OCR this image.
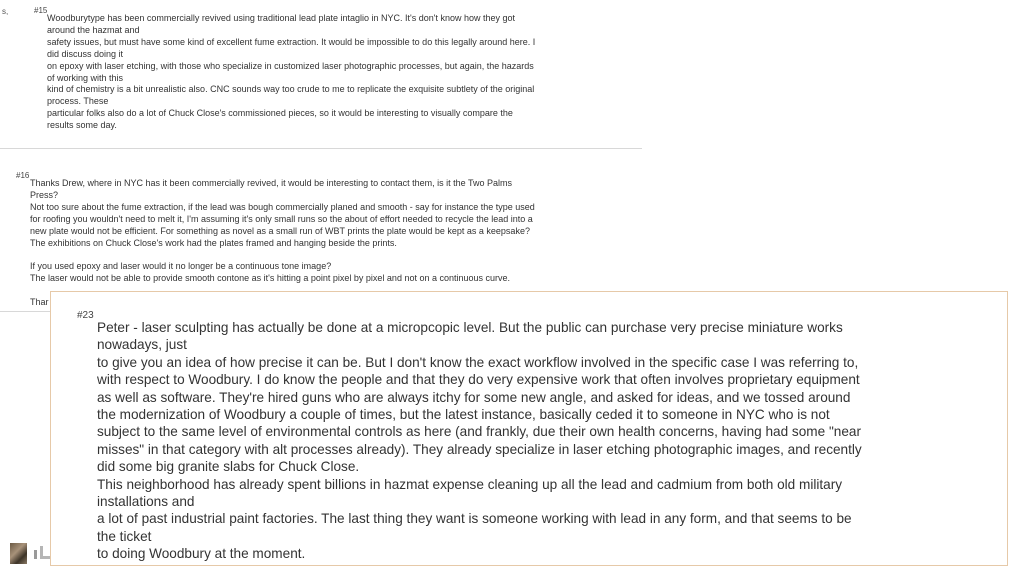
s,	#15
Woodburytype has been commercially revived using traditional lead plate intaglio in NYC. It's don't know how they got
around the hazmat and
safety issues, but must have some kind of excellent fume extraction. It would be impossible to do this legally around here. I
did discuss doing it
on epoxy with laser etching, with those who specialize in customized laser photographic processes, but again, the hazards
of working with this
kind of chemistry is a bit unrealistic also. CNC sounds way too crude to me to replicate the exquisite subtlety of the original
process. These
particular folks also do a lot of Chuck Close's commissioned pieces, so it would be interesting to visually compare the
results some day.
#16
Thanks Drew, where in NYC has it been commercially revived, it would be interesting to contact them, is it the Two Palms
Press?
Not too sure about the fume extraction, if the lead was bough commercially planed and smooth - say for instance the type used
for roofing you wouldn't need to melt it, I'm assuming it's only small runs so the about of effort needed to recycle the lead into a
new plate would not be efficient. For something as novel as a small run of WBT prints the plate would be kept as a keepsake?
The exhibitions on Chuck Close's work had the plates framed and hanging beside the prints.
If you used epoxy and laser would it no longer be a continuous tone image?
The laser would not be able to provide smooth contone as it's hitting a point pixel by pixel and not on a continuous curve.
Thar
#23
Peter - laser sculpting has actually be done at a micropcopic level. But the public can purchase very precise miniature works
nowadays, just
to give you an idea of how precise it can be. But I don't know the exact workflow involved in the specific case I was referring to,
with respect to Woodbury. I do know the people and that they do very expensive work that often involves proprietary equipment
as well as software. They're hired guns who are always itchy for some new angle, and asked for ideas, and we tossed around
the modernization of Woodbury a couple of times, but the latest instance, basically ceded it to someone in NYC who is not
subject to the same level of environmental controls as here (and frankly, due their own health concerns, having had some "near
misses" in that category with alt processes already). They already specialize in laser etching photographic images, and recently
did some big granite slabs for Chuck Close.
This neighborhood has already spent billions in hazmat expense cleaning up all the lead and cadmium from both old military
installations and
a lot of past industrial paint factories. The last thing they want is someone working with lead in any form, and that seems to be
the ticket
to doing Woodbury at the moment.
